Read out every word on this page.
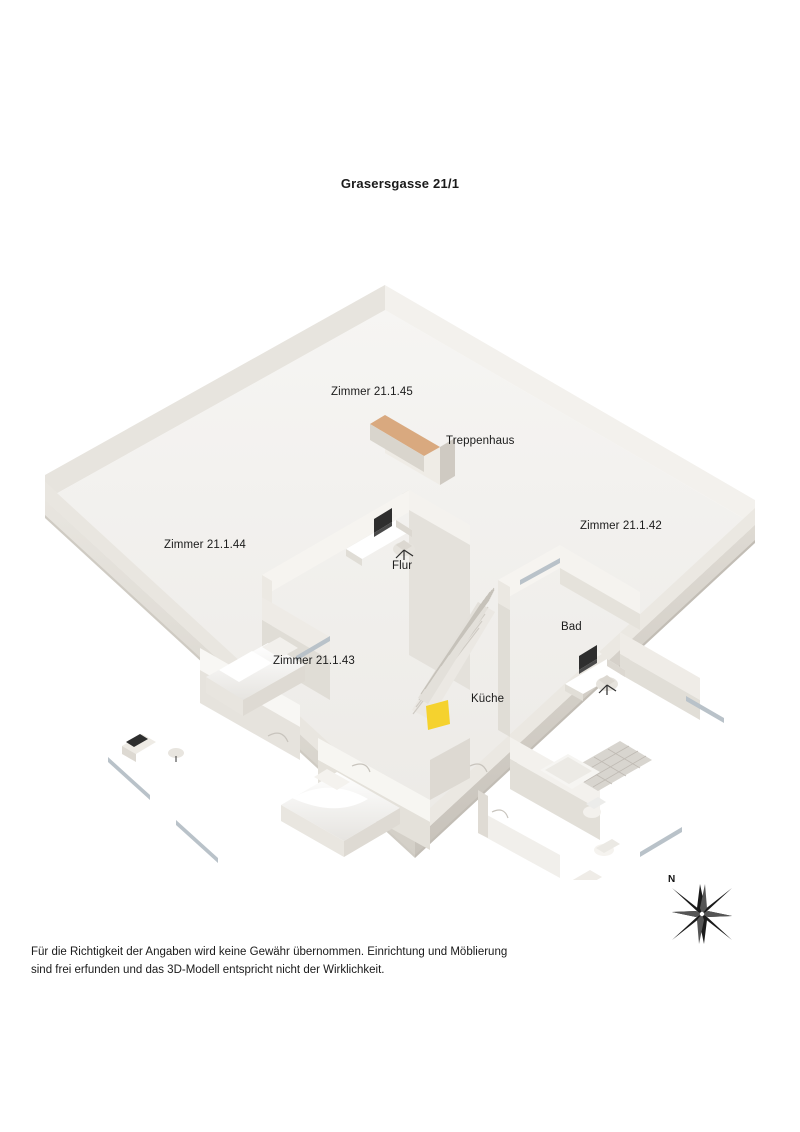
Grasersgasse 21/1
Zimmer 21.1.45
Treppenhaus
Zimmer 21.1.42
Zimmer 21.1.44
Flur
Bad
Zimmer 21.1.43
Küche
N
Für die Richtigkeit der Angaben wird keine Gewähr übernommen. Einrichtung und Möblierung
sind frei erfunden und das 3D-Modell entspricht nicht der Wirklichkeit.
